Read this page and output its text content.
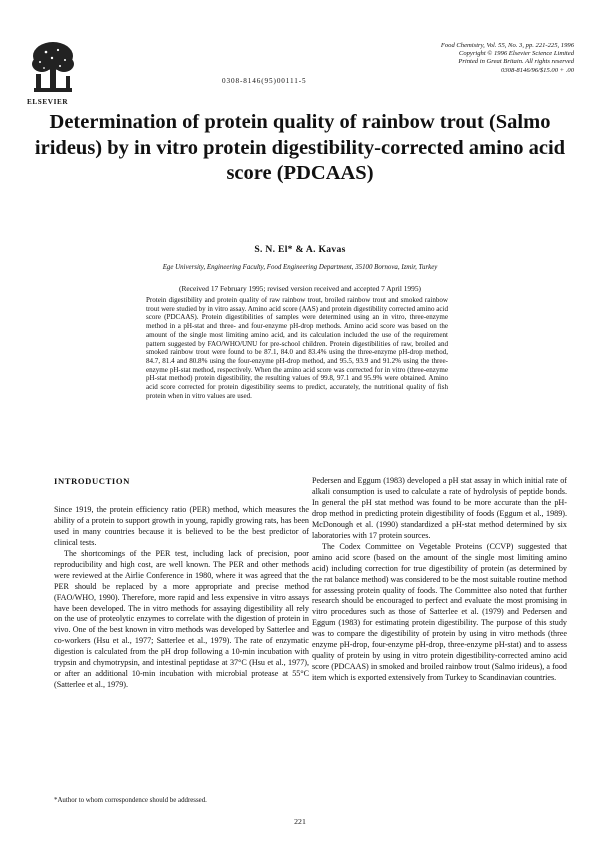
ELSEVIER
0308-8146(95)00111-5
Food Chemistry, Vol. 55, No. 3, pp. 221-225, 1996
Copyright © 1996 Elsevier Science Limited
Printed in Great Britain. All rights reserved
0308-8146/96/$15.00 + .00
Determination of protein quality of rainbow trout (Salmo irideus) by in vitro protein digestibility-corrected amino acid score (PDCAAS)
S. N. El* & A. Kavas
Ege University, Engineering Faculty, Food Engineering Department, 35100 Bornova, Izmir, Turkey
(Received 17 February 1995; revised version received and accepted 7 April 1995)
Protein digestibility and protein quality of raw rainbow trout, broiled rainbow trout and smoked rainbow trout were studied by in vitro assay. Amino acid score (AAS) and protein digestibility corrected amino acid score (PDCAAS). Protein digestibilities of samples were determined using an in vitro, three-enzyme method in a pH-stat and three- and four-enzyme pH-drop methods. Amino acid score was based on the amount of the single most limiting amino acid, and its calculation included the use of the requirement pattern suggested by FAO/WHO/UNU for pre-school children. Protein digestibilities of raw, broiled and smoked rainbow trout were found to be 87.1, 84.0 and 83.4% using the three-enzyme pH-drop method, 84.7, 81.4 and 80.8% using the four-enzyme pH-drop method, and 95.5, 93.9 and 91.2% using the three-enzyme pH-stat method, respectively. When the amino acid score was corrected for in vitro (three-enzyme pH-stat method) protein digestibility, the resulting values of 99.8, 97.1 and 95.9% were obtained. Amino acid score corrected for protein digestibility seems to predict, accurately, the nutritional quality of fish protein when in vitro values are used.
INTRODUCTION

Since 1919, the protein efficiency ratio (PER) method, which measures the ability of a protein to support growth in young, rapidly growing rats, has been used in many countries because it is believed to be the best predictor of clinical tests.

The shortcomings of the PER test, including lack of precision, poor reproducibility and high cost, are well known. The PER and other methods were reviewed at the Airlie Conference in 1980, where it was agreed that the PER should be replaced by a more appropriate and precise method (FAO/WHO, 1990). Therefore, more rapid and less expensive in vitro assays have been developed. The in vitro methods for assaying digestibility all rely on the use of proteolytic enzymes to correlate with the digestion of protein in vivo. One of the best known in vitro methods was developed by Satterlee and co-workers (Hsu et al., 1977; Satterlee et al., 1979). The rate of enzymatic digestion is calculated from the pH drop following a 10-min incubation with trypsin and chymotrypsin, and intestinal peptidase at 37°C (Hsu et al., 1977), or after an additional 10-min incubation with microbial protease at 55°C (Satterlee et al., 1979).

Pedersen and Eggum (1983) developed a pH stat assay in which initial rate of alkali consumption is used to calculate a rate of hydrolysis of peptide bonds. In general the pH stat method was found to be more accurate than the pH-drop method in predicting protein digestibility of foods (Eggum et al., 1989). McDonough et al. (1990) standardized a pH-stat method determined by six laboratories with 17 protein sources.

The Codex Committee on Vegetable Proteins (CCVP) suggested that amino acid score (based on the amount of the single most limiting amino acid) including correction for true digestibility of protein (as determined by the rat balance method) was considered to be the most suitable routine method for assessing protein quality of foods. The Committee also noted that further research should be encouraged to perfect and evaluate the most promising in vitro procedures such as those of Satterlee et al. (1979) and Pedersen and Eggum (1983) for estimating protein digestibility. The purpose of this study was to compare the digestibility of protein by using in vitro methods (three enzyme pH-drop, four-enzyme pH-drop, three-enzyme pH-stat) and to assess quality of protein by using in vitro protein digestibility-corrected amino acid score (PDCAAS) in smoked and broiled rainbow trout (Salmo irideus), a food item which is exported extensively from Turkey to Scandinavian countries.

*Author to whom correspondence should be addressed.
221
